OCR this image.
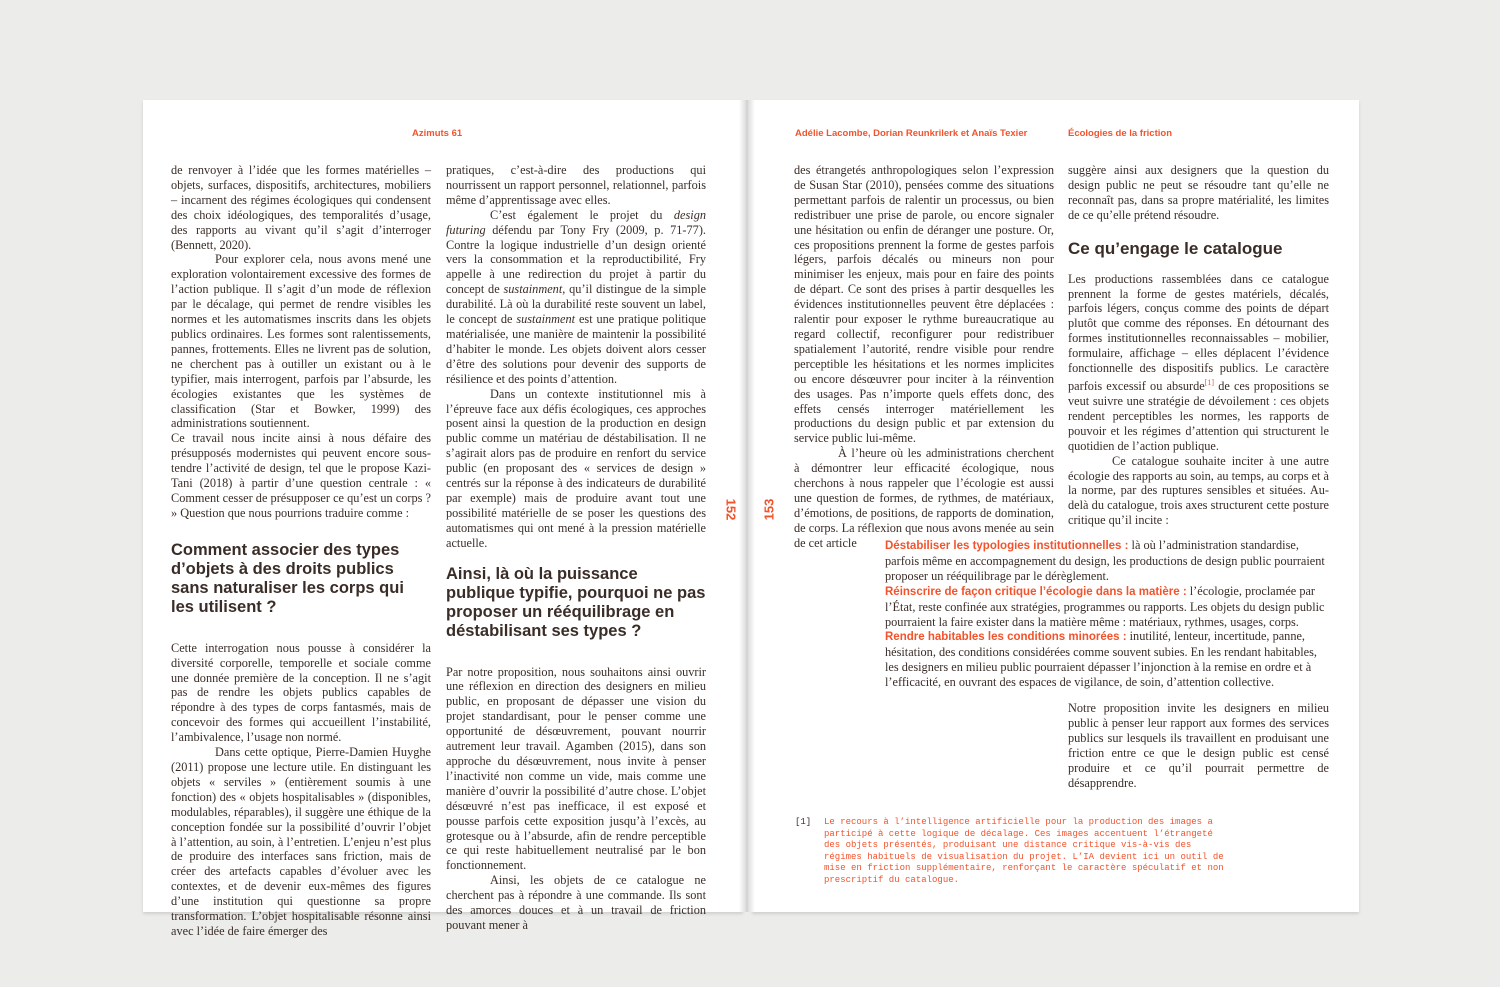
Azimuts 61	Adélie Lacombe, Dorian Reunkrilerk et Anaïs Texier	Écologies de la friction
152 153

de renvoyer à l’idée que les formes matérielles – objets, surfaces, dispositifs, architectures, mobiliers – incarnent des régimes écologiques qui condensent des choix idéologiques, des temporalités d’usage, des rapports au vivant qu’il s’agit d’interroger (Bennett, 2020).

Pour explorer cela, nous avons mené une exploration volontairement excessive des formes de l’action publique. Il s’agit d’un mode de réflexion par le décalage, qui permet de rendre visibles les normes et les automatismes inscrits dans les objets publics ordinaires. Les formes sont ralentissements, pannes, frottements. Elles ne livrent pas de solution, ne cherchent pas à outiller un existant ou à le typifier, mais interrogent, parfois par l’absurde, les écologies existantes que les systèmes de classification (Star et Bowker, 1999) des administrations soutiennent.

Ce travail nous incite ainsi à nous défaire des présupposés modernistes qui peuvent encore sous-tendre l’activité de design, tel que le propose Kazi-Tani (2018) à partir d’une question centrale : « Comment cesser de présupposer ce qu’est un corps ? » Question que nous pourrions traduire comme :

Comment associer des types d’objets à des droits publics sans naturaliser les corps qui les utilisent ?

Cette interrogation nous pousse à considérer la diversité corporelle, temporelle et sociale comme une donnée première de la conception. Il ne s’agit pas de rendre les objets publics capables de répondre à des types de corps fantasmés, mais de concevoir des formes qui accueillent l’instabilité, l’ambivalence, l’usage non normé.

Dans cette optique, Pierre-Damien Huyghe (2011) propose une lecture utile. En distinguant les objets « serviles » (entièrement soumis à une fonction) des « objets hospitalisables » (disponibles, modulables, réparables), il suggère une éthique de la conception fondée sur la possibilité d’ouvrir l’objet à l’attention, au soin, à l’entretien. L’enjeu n’est plus de produire des interfaces sans friction, mais de créer des artefacts capables d’évoluer avec les contextes, et de devenir eux-mêmes des figures d’une institution qui questionne sa propre transformation. L’objet hospitalisable résonne ainsi avec l’idée de faire émerger des

pratiques, c’est-à-dire des productions qui nourrissent un rapport personnel, relationnel, parfois même d’apprentissage avec elles.

C’est également le projet du design futuring défendu par Tony Fry (2009, p. 71-77). Contre la logique industrielle d’un design orienté vers la consommation et la reproductibilité, Fry appelle à une redirection du projet à partir du concept de sustainment, qu’il distingue de la simple durabilité. Là où la durabilité reste souvent un label, le concept de sustainment est une pratique politique matérialisée, une manière de maintenir la possibilité d’habiter le monde. Les objets doivent alors cesser d’être des solutions pour devenir des supports de résilience et des points d’attention.

Dans un contexte institutionnel mis à l’épreuve face aux défis écologiques, ces approches posent ainsi la question de la production en design public comme un matériau de déstabilisation. Il ne s’agirait alors pas de produire en renfort du service public (en proposant des « services de design » centrés sur la réponse à des indicateurs de durabilité par exemple) mais de produire avant tout une possibilité matérielle de se poser les questions des automatismes qui ont mené à la pression matérielle actuelle.

Ainsi, là où la puissance publique typifie, pourquoi ne pas proposer un rééquilibrage en déstabilisant ses types ?

Par notre proposition, nous souhaitons ainsi ouvrir une réflexion en direction des designers en milieu public, en proposant de dépasser une vision du projet standardisant, pour le penser comme une opportunité de désœuvrement, pouvant nourrir autrement leur travail. Agamben (2015), dans son approche du désœuvrement, nous invite à penser l’inactivité non comme un vide, mais comme une manière d’ouvrir la possibilité d’autre chose. L’objet désœuvré n’est pas inefficace, il est exposé et pousse parfois cette exposition jusqu’à l’excès, au grotesque ou à l’absurde, afin de rendre perceptible ce qui reste habituellement neutralisé par le bon fonctionnement.

Ainsi, les objets de ce catalogue ne cherchent pas à répondre à une commande. Ils sont des amorces douces et à un travail de friction pouvant mener à

des étrangetés anthropologiques selon l’expression de Susan Star (2010), pensées comme des situations permettant parfois de ralentir un processus, ou bien redistribuer une prise de parole, ou encore signaler une hésitation ou enfin de déranger une posture. Or, ces propositions prennent la forme de gestes parfois légers, parfois décalés ou mineurs non pour minimiser les enjeux, mais pour en faire des points de départ. Ce sont des prises à partir desquelles les évidences institutionnelles peuvent être déplacées : ralentir pour exposer le rythme bureaucratique au regard collectif, reconfigurer pour redistribuer spatialement l’autorité, rendre visible pour rendre perceptible les hésitations et les normes implicites ou encore désœuvrer pour inciter à la réinvention des usages. Pas n’importe quels effets donc, des effets censés interroger matériellement les productions du design public et par extension du service public lui-même.

À l’heure où les administrations cherchent à démontrer leur efficacité écologique, nous cherchons à nous rappeler que l’écologie est aussi une question de formes, de rythmes, de matériaux, d’émotions, de positions, de rapports de domination, de corps. La réflexion que nous avons menée au sein de cet article

suggère ainsi aux designers que la question du design public ne peut se résoudre tant qu’elle ne reconnaît pas, dans sa propre matérialité, les limites de ce qu’elle prétend résoudre.

Ce qu’engage le catalogue

Les productions rassemblées dans ce catalogue prennent la forme de gestes matériels, décalés, parfois légers, conçus comme des points de départ plutôt que comme des réponses. En détournant des formes institutionnelles reconnaissables – mobilier, formulaire, affichage – elles déplacent l’évidence fonctionnelle des dispositifs publics. Le caractère parfois excessif ou absurde[1] de ces propositions se veut suivre une stratégie de dévoilement : ces objets rendent perceptibles les normes, les rapports de pouvoir et les régimes d’attention qui structurent le quotidien de l’action publique.

Ce catalogue souhaite inciter à une autre écologie des rapports au soin, au temps, au corps et à la norme, par des ruptures sensibles et situées. Au-delà du catalogue, trois axes structurent cette posture critique qu’il incite :

Déstabiliser les typologies institutionnelles : là où l’administration standardise, parfois même en accompagnement du design, les productions de design public pourraient proposer un rééquilibrage par le dérèglement.

Réinscrire de façon critique l’écologie dans la matière : l’écologie, proclamée par l’État, reste confinée aux stratégies, programmes ou rapports. Les objets du design public pourraient la faire exister dans la matière même : matériaux, rythmes, usages, corps.

Rendre habitables les conditions minorées : inutilité, lenteur, incertitude, panne, hésitation, des conditions considérées comme souvent subies. En les rendant habitables, les designers en milieu public pourraient dépasser l’injonction à la remise en ordre et à l’efficacité, en ouvrant des espaces de vigilance, de soin, d’attention collective.

Notre proposition invite les designers en milieu public à penser leur rapport aux formes des services publics sur lesquels ils travaillent en produisant une friction entre ce que le design public est censé produire et ce qu’il pourrait permettre de désapprendre.

[1] Le recours à l’intelligence artificielle pour la production des images a participé à cette logique de décalage. Ces images accentuent l’étrangeté des objets présentés, produisant une distance critique vis-à-vis des régimes habituels de visualisation du projet. L’IA devient ici un outil de mise en friction supplémentaire, renforçant le caractère spéculatif et non prescriptif du catalogue.
